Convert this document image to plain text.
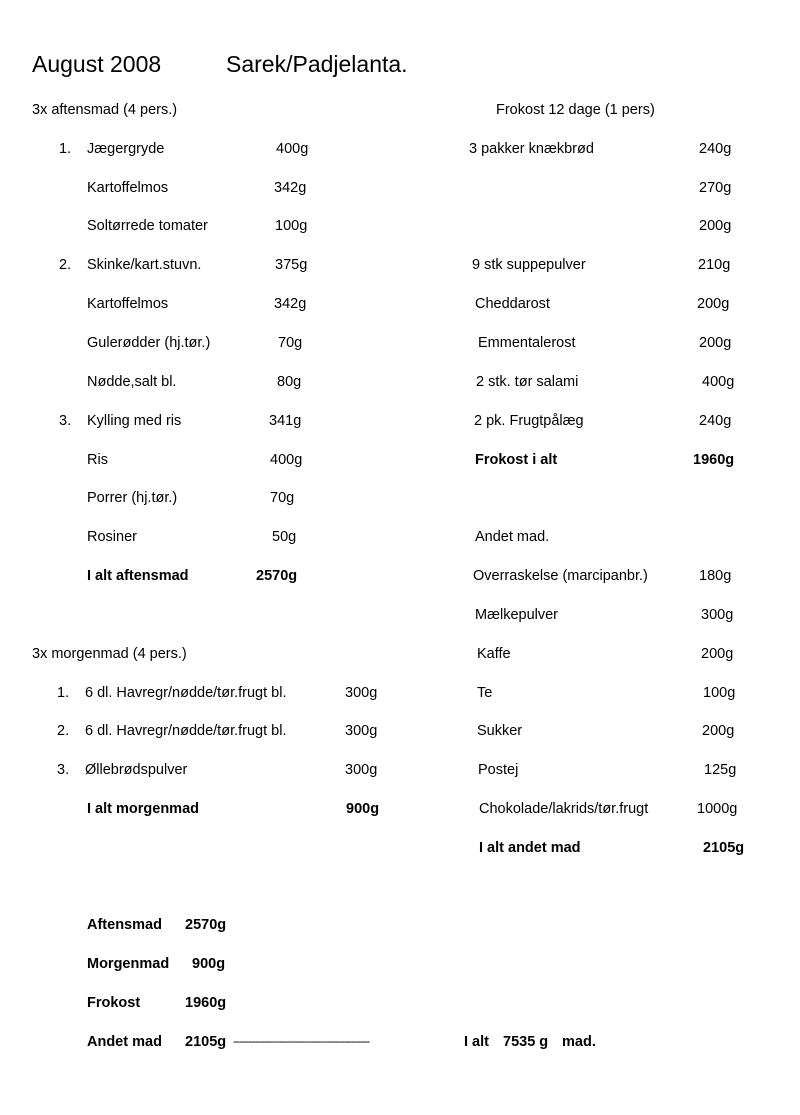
August 2008	Sarek/Padjelanta.
3x aftensmad (4 pers.)
1. Jægergryde	400g
Kartoffelmos	342g
Soltørrede tomater	100g
2. Skinke/kart.stuvn.	375g
Kartoffelmos	342g
Gulerødder (hj.tør.)	70g
Nødde,salt bl.	80g
3. Kylling med ris	341g
Ris	400g
Porrer (hj.tør.)	70g
Rosiner	50g
I alt aftensmad	2570g
3x morgenmad (4 pers.)
1. 6 dl. Havregr/nødde/tør.frugt bl.	300g
2. 6 dl. Havregr/nødde/tør.frugt bl.	300g
3. Øllebrødspulver	300g
I alt morgenmad	900g
Frokost 12 dage (1 pers)
3 pakker knækbrød	240g
270g
200g
9 stk suppepulver	210g
Cheddarost	200g
Emmentalerost	200g
2 stk. tør salami	400g
2 pk. Frugtpålæg	240g
Frokost i alt	1960g
Andet mad.
Overraskelse (marcipanbr.)	180g
Mælkepulver	300g
Kaffe	200g
Te	100g
Sukker	200g
Postej	125g
Chokolade/lakrids/tør.frugt	1000g
I alt andet mad	2105g
Aftensmad 2570g
Morgenmad 900g
Frokost	1960g
Andet mad 2105g --------------------------------------------	I alt 7535 g mad.
